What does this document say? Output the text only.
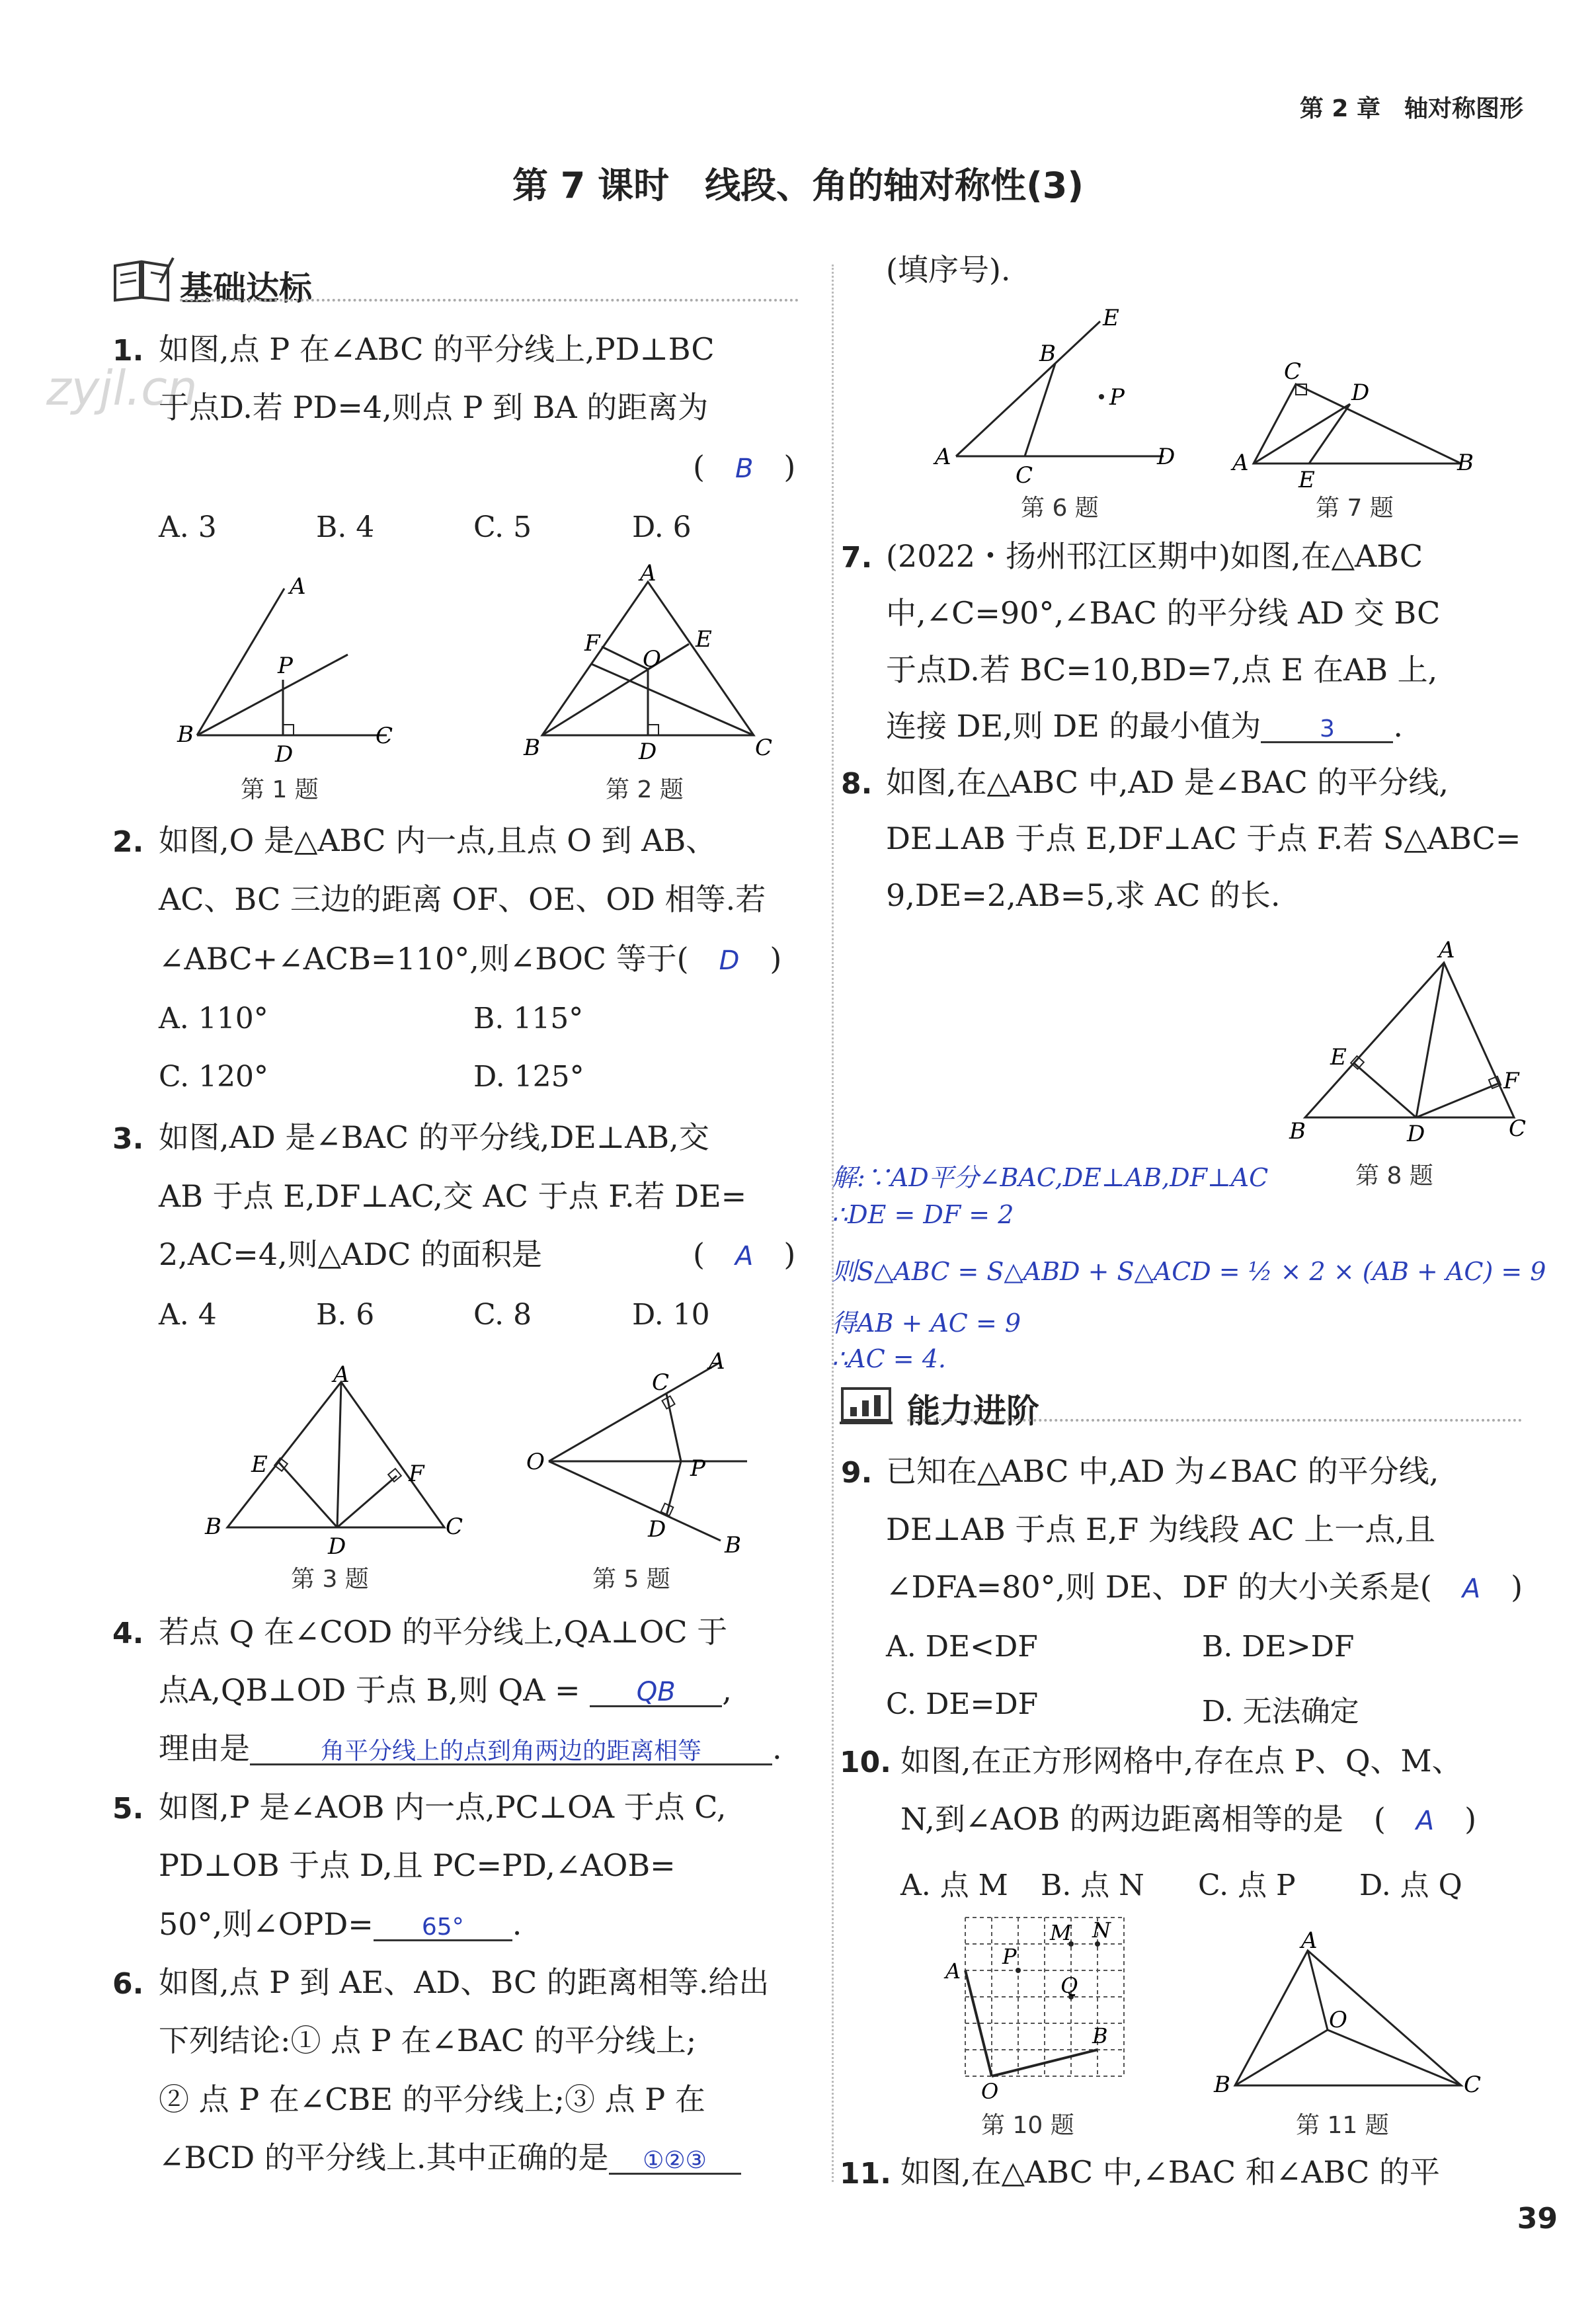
第 2 章　轴对称图形
第 7 课时　线段、角的轴对称性(3)
zyjl.cn
基础达标
1. 如图,点 P 在∠ABC 的平分线上,PD⊥BC
于点D.若 PD=4,则点 P 到 BA 的距离为
(　B　)
A. 3	B. 4	C. 5	D. 6
A
B
P
D
C
第 1 题
A
F	E
O
B	D	C
第 2 题
2. 如图,O 是△ABC 内一点,且点 O 到 AB、
AC、BC 三边的距离 OF、OE、OD 相等.若
∠ABC+∠ACB=110°,则∠BOC 等于(　D　)
A. 110°	B. 115°
C. 120°	D. 125°
3. 如图,AD 是∠BAC 的平分线,DE⊥AB,交
AB 于点 E,DF⊥AC,交 AC 于点 F.若 DE=
2,AC=4,则△ADC 的面积是	(　A　)
A. 4	B. 6	C. 8	D. 10
A
E	F
B
D
C
第 3 题
A
C
O	P
D
B
第 5 题
4. 若点 Q 在∠COD 的平分线上,QA⊥OC 于
点A,QB⊥OD 于点 B,则 QA = QB ,
理由是	角平分线上的点到角两边的距离相等 .
5. 如图,P 是∠AOB 内一点,PC⊥OA 于点 C,
PD⊥OB 于点 D,且 PC=PD,∠AOB=
50°,则∠OPD= 65° .
6. 如图,点 P 到 AE、AD、BC 的距离相等.给出
下列结论:① 点 P 在∠BAC 的平分线上;
② 点 P 在∠CBE 的平分线上;③ 点 P 在
∠BCD 的平分线上.其中正确的是 ①②③
(填序号).
E
B
P
A
C
D
第 6 题
C
D
A
E
B
第 7 题
7. (2022・扬州邗江区期中)如图,在△ABC
中,∠C=90°,∠BAC 的平分线 AD 交 BC
于点D.若 BC=10,BD=7,点 E 在AB 上,
连接 DE,则 DE 的最小值为 3 .
8. 如图,在△ABC 中,AD 是∠BAC 的平分线,
DE⊥AB 于点 E,DF⊥AC 于点 F.若 S△ABC=
9,DE=2,AB=5,求 AC 的长.
A
E
F
B	D	C
第 8 题
解:∵AD平分∠BAC,DE⊥AB,DF⊥AC
∴DE = DF = 2
则S△ABC = S△ABD + S△ACD = ½ × 2 × (AB + AC) = 9
得AB + AC = 9
∴AC = 4.
能力进阶
9. 已知在△ABC 中,AD 为∠BAC 的平分线,
DE⊥AB 于点 E,F 为线段 AC 上一点,且
∠DFA=80°,则 DE、DF 的大小关系是(　A　)
A. DE<DF	B. DE>DF
C. DE=DF	D. 无法确定
10. 如图,在正方形网格中,存在点 P、Q、M、
N,到∠AOB 的两边距离相等的是　(　A　)
A. 点 M B. 点 N C. 点 P D. 点 Q
A
P
M N
Q
B
O
第 10 题
A
O
B	C
第 11 题
11. 如图,在△ABC 中,∠BAC 和∠ABC 的平
39
